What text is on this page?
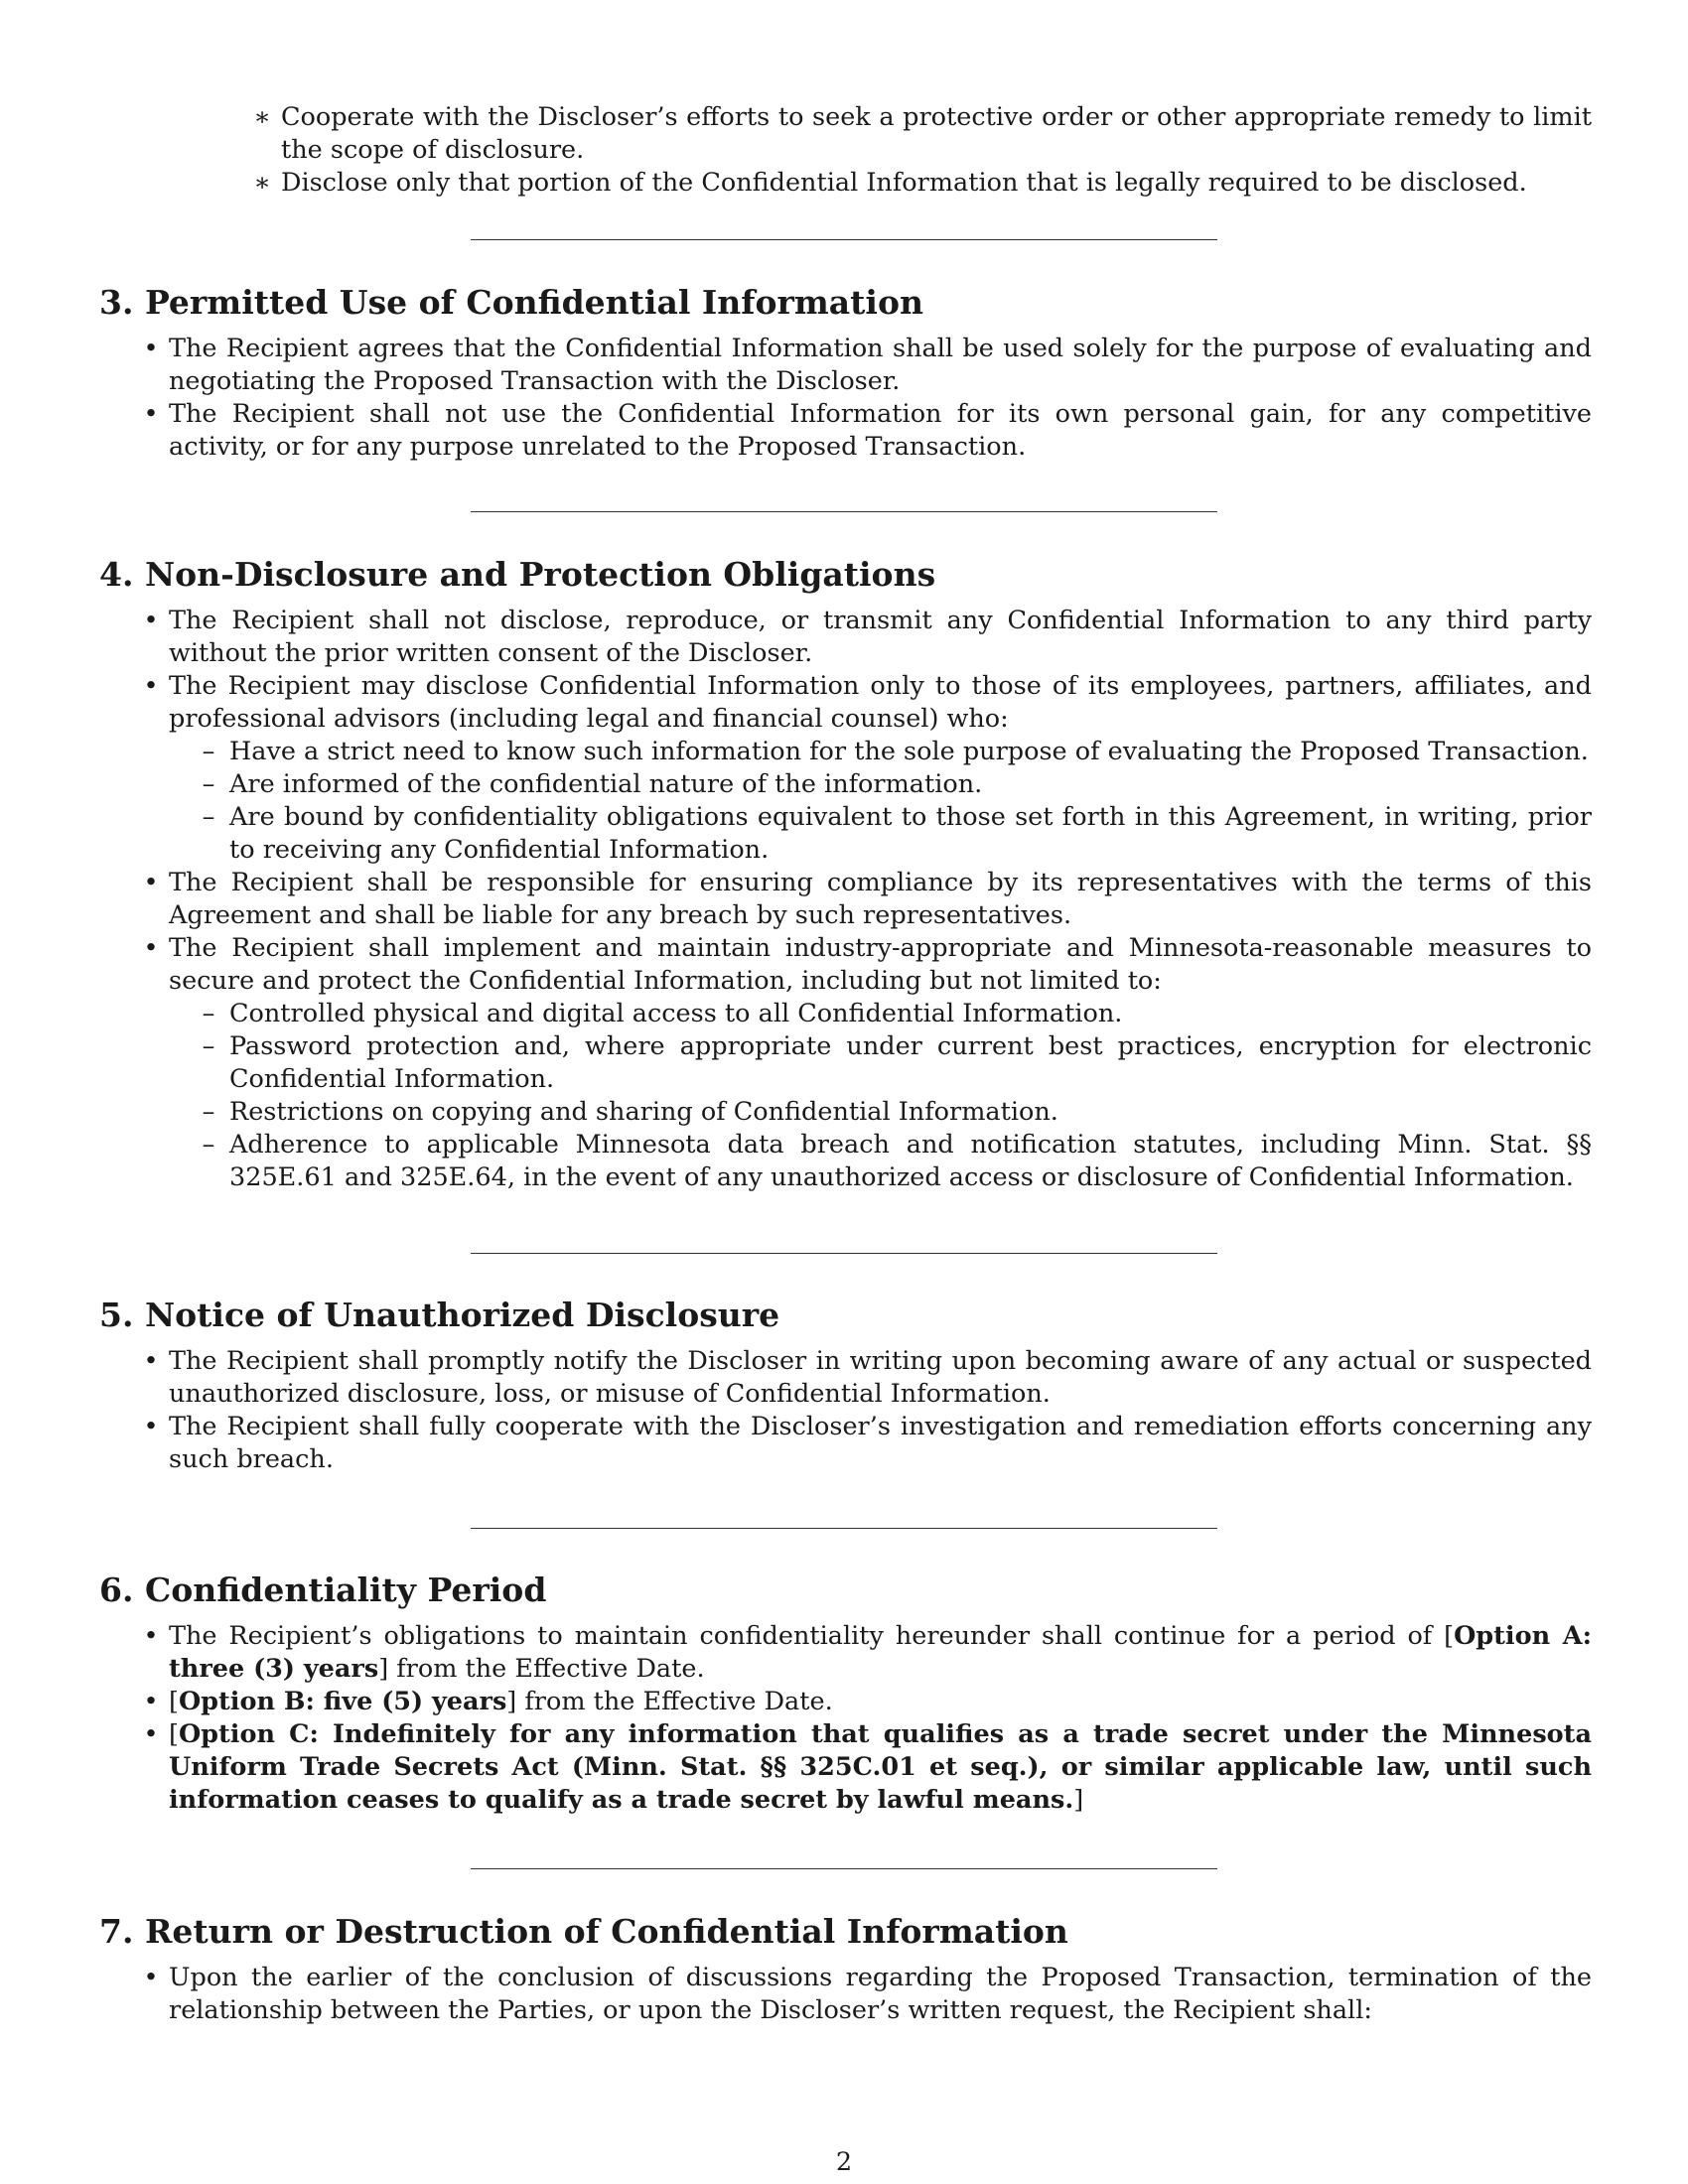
∗ Cooperate with the Discloser’s efforts to seek a protective order or other appropriate remedy to limit the scope of disclosure.
∗ Disclose only that portion of the Confidential Information that is legally required to be disclosed.
3. Permitted Use of Confidential Information
• The Recipient agrees that the Confidential Information shall be used solely for the purpose of evaluating and negotiating the Proposed Transaction with the Discloser.
• The Recipient shall not use the Confidential Information for its own personal gain, for any competitive activity, or for any purpose unrelated to the Proposed Transaction.
4. Non-Disclosure and Protection Obligations
• The Recipient shall not disclose, reproduce, or transmit any Confidential Information to any third party without the prior written consent of the Discloser.
• The Recipient may disclose Confidential Information only to those of its employees, partners, affiliates, and professional advisors (including legal and financial counsel) who:
– Have a strict need to know such information for the sole purpose of evaluating the Proposed Transaction.
– Are informed of the confidential nature of the information.
– Are bound by confidentiality obligations equivalent to those set forth in this Agreement, in writing, prior to receiving any Confidential Information.
• The Recipient shall be responsible for ensuring compliance by its representatives with the terms of this Agreement and shall be liable for any breach by such representatives.
• The Recipient shall implement and maintain industry-appropriate and Minnesota-reasonable measures to secure and protect the Confidential Information, including but not limited to:
– Controlled physical and digital access to all Confidential Information.
– Password protection and, where appropriate under current best practices, encryption for electronic Confidential Information.
– Restrictions on copying and sharing of Confidential Information.
– Adherence to applicable Minnesota data breach and notification statutes, including Minn. Stat. §§ 325E.61 and 325E.64, in the event of any unauthorized access or disclosure of Confidential Information.
5. Notice of Unauthorized Disclosure
• The Recipient shall promptly notify the Discloser in writing upon becoming aware of any actual or suspected unauthorized disclosure, loss, or misuse of Confidential Information.
• The Recipient shall fully cooperate with the Discloser’s investigation and remediation efforts concerning any such breach.
6. Confidentiality Period
• The Recipient’s obligations to maintain confidentiality hereunder shall continue for a period of [Option A: three (3) years] from the Effective Date.
• [Option B: five (5) years] from the Effective Date.
• [Option C: Indefinitely for any information that qualifies as a trade secret under the Minnesota Uniform Trade Secrets Act (Minn. Stat. §§ 325C.01 et seq.), or similar applicable law, until such information ceases to qualify as a trade secret by lawful means.]
7. Return or Destruction of Confidential Information
• Upon the earlier of the conclusion of discussions regarding the Proposed Transaction, termination of the relationship between the Parties, or upon the Discloser’s written request, the Recipient shall:
2
